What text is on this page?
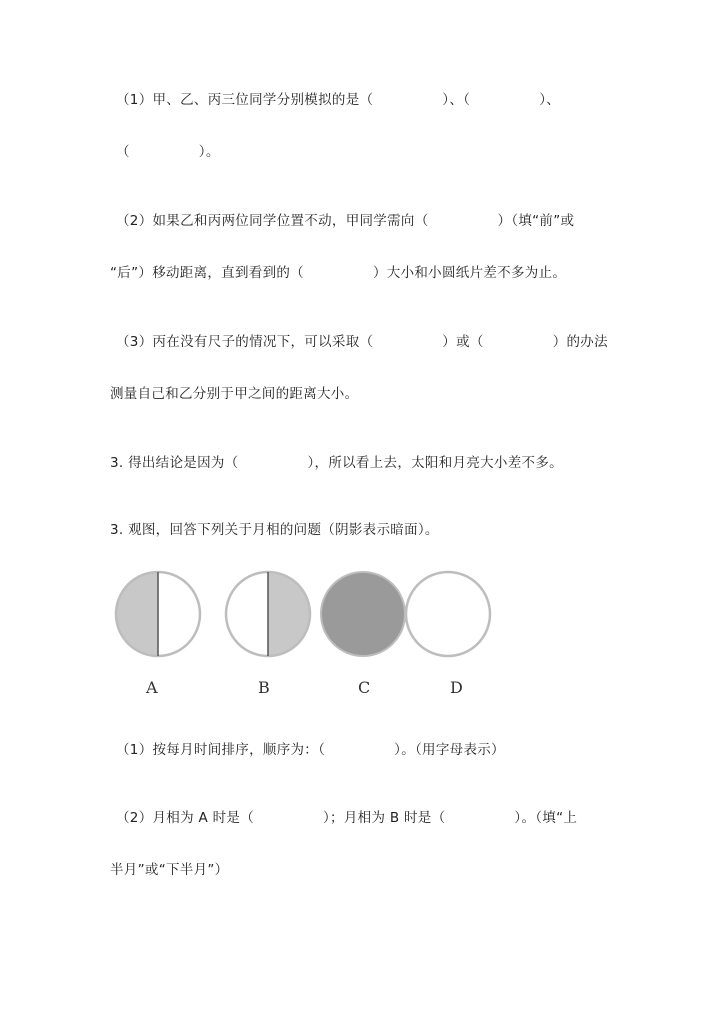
（1）甲、乙、丙三位同学分别模拟的是（　　　　　）、（　　　　　）、
（　　　　　）。
（2）如果乙和丙两位同学位置不动，甲同学需向（　　　　　）（填“前”或
“后”）移动距离，直到看到的（　　　　　）大小和小圆纸片差不多为止。
（3）丙在没有尺子的情况下，可以采取（　　　　　）或（　　　　　）的办法
测量自己和乙分别于甲之间的距离大小。
3. 得出结论是因为（　　　　　），所以看上去，太阳和月亮大小差不多。
3. 观图，回答下列关于月相的问题（阴影表示暗面）。
A	B	C	D
（1）按每月时间排序，顺序为：（　　　　　）。（用字母表示）
（2）月相为 A 时是（　　　　　）；月相为 B 时是（　　　　　）。（填“上
半月”或“下半月”）
